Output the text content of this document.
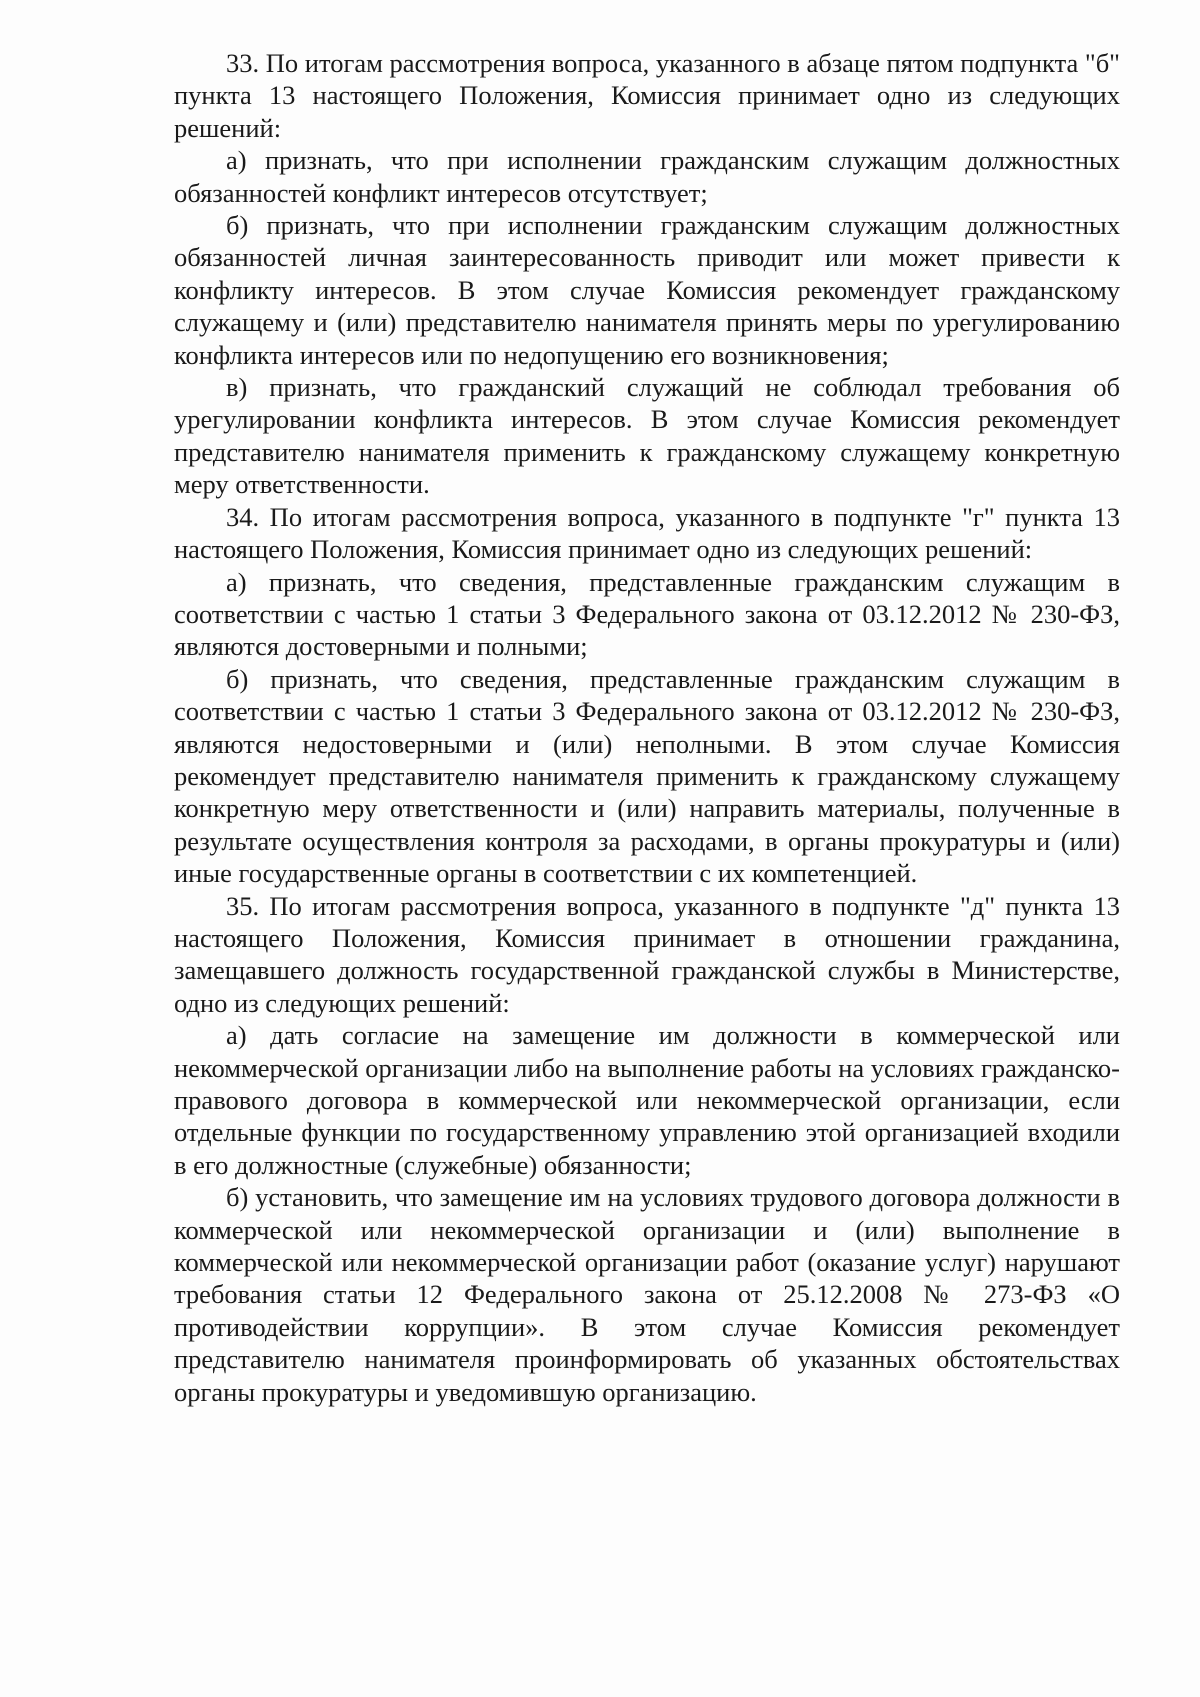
33. По итогам рассмотрения вопроса, указанного в абзаце пятом подпункта "б" пункта 13 настоящего Положения, Комиссия принимает одно из следующих решений:

а) признать, что при исполнении гражданским служащим должностных обязанностей конфликт интересов отсутствует;

б) признать, что при исполнении гражданским служащим должностных обязанностей личная заинтересованность приводит или может привести к конфликту интересов. В этом случае Комиссия рекомендует гражданскому служащему и (или) представителю нанимателя принять меры по урегулированию конфликта интересов или по недопущению его возникновения;

в) признать, что гражданский служащий не соблюдал требования об урегулировании конфликта интересов. В этом случае Комиссия рекомендует представителю нанимателя применить к гражданскому служащему конкретную меру ответственности.

34. По итогам рассмотрения вопроса, указанного в подпункте "г" пункта 13 настоящего Положения, Комиссия принимает одно из следующих решений:

а) признать, что сведения, представленные гражданским служащим в соответствии с частью 1 статьи 3 Федерального закона от 03.12.2012 № 230-ФЗ, являются достоверными и полными;

б) признать, что сведения, представленные гражданским служащим в соответствии с частью 1 статьи 3 Федерального закона от 03.12.2012 № 230-ФЗ, являются недостоверными и (или) неполными. В этом случае Комиссия рекомендует представителю нанимателя применить к гражданскому служащему конкретную меру ответственности и (или) направить материалы, полученные в результате осуществления контроля за расходами, в органы прокуратуры и (или) иные государственные органы в соответствии с их компетенцией.

35. По итогам рассмотрения вопроса, указанного в подпункте "д" пункта 13 настоящего Положения, Комиссия принимает в отношении гражданина, замещавшего должность государственной гражданской службы в Министерстве, одно из следующих решений:

а) дать согласие на замещение им должности в коммерческой или некоммерческой организации либо на выполнение работы на условиях гражданско-правового договора в коммерческой или некоммерческой организации, если отдельные функции по государственному управлению этой организацией входили в его должностные (служебные) обязанности;

б) установить, что замещение им на условиях трудового договора должности в коммерческой или некоммерческой организации и (или) выполнение в коммерческой или некоммерческой организации работ (оказание услуг) нарушают требования статьи 12 Федерального закона от 25.12.2008 № 273-ФЗ «О противодействии коррупции». В этом случае Комиссия рекомендует представителю нанимателя проинформировать об указанных обстоятельствах органы прокуратуры и уведомившую организацию.
